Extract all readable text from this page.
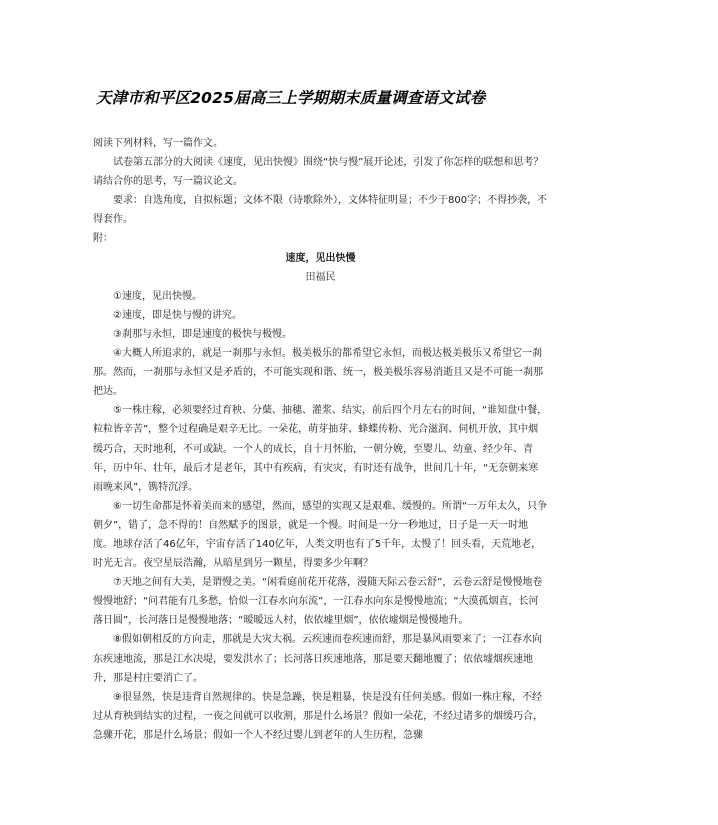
天津市和平区2025届高三上学期期末质量调查语文试卷

阅读下列材料，写一篇作文。

试卷第五部分的大阅读《速度，见出快慢》围绕“快与慢”展开论述，引发了你怎样的联想和思考？请结合你的思考，写一篇议论文。

要求：自选角度，自拟标题；文体不限（诗歌除外），文体特征明显；不少于800字；不得抄袭，不得套作。

附：

速度，见出快慢

田福民

①速度，见出快慢。

②速度，即是快与慢的讲究。

③刹那与永恒，即是速度的极快与极慢。

④大概人所追求的，就是一刹那与永恒。极美极乐的都希望它永恒，而极达极美极乐又希望它一刹那。然而，一刹那与永恒又是矛盾的，不可能实现和谐、统一，极美极乐容易消逝且又是不可能一刹那把达。

⑤一株庄稼，必须要经过育秧、分蘖、抽穗、灌浆、结实，前后四个月左右的时间，“谁知盘中餐，粒粒皆辛苦”，整个过程确是艰辛无比。一朵花，萌芽抽芽、蜂蝶传粉、光合滋润、伺机开放，其中烟缓巧合，天时地利，不可或缺。一个人的成长，自十月怀胎，一朝分娩，至婴儿、幼童、经少年、青年，历中年、壮年，最后才是老年，其中有疾病，有灾灾，有时还有战争，世间几十年，“无奈朝来寒雨晚来风”，镌特沉浮。

⑥一切生命都是怀着美而来的感望，然而，感望的实现又是艰难、缓慢的。所谓“一万年太久，只争朝夕”，错了，急不得的！自然赋予的图景，就是一个慢。时间是一分一秒地过，日子是一天一时地度。地球存活了46亿年，宇宙存活了140亿年，人类文明也有了5千年，太慢了！回头看，天荒地老，时光无言。夜空星辰浩瀚，从暗星到另一颗星，得要多少年啊？

⑦天地之间有大美，是谓慢之美。“闲看庭前花开花落，漫随天际云卷云舒”，云卷云舒是慢慢地卷慢慢地舒；“问君能有几多愁，恰似一江春水向东流”，一江春水向东是慢慢地流；“大漠孤烟直，长河落日圆”，长河落日是慢慢地落；“暧暧远人村，依依墟里烟”，依依墟烟是慢慢地升。

⑧假如朝相反的方向走，那就是大灾大祸。云疾速而卷疾速而舒，那是暴风雨要来了；一江春水向东疾速地流，那是江水决堤，要发洪水了；长河落日疾速地落，那是要天翻地覆了；依依墟烟疾速地升，那是村庄要消亡了。

⑨很显然，快是违背自然规律的。快是急躁，快是粗暴，快是没有任何美感。假如一株庄稼，不经过从育秧到结实的过程，一夜之间就可以收割，那是什么场景？假如一朵花，不经过诸多的烟缓巧合，急骤开花，那是什么场景；假如一个人不经过婴儿到老年的人生历程，急骤
